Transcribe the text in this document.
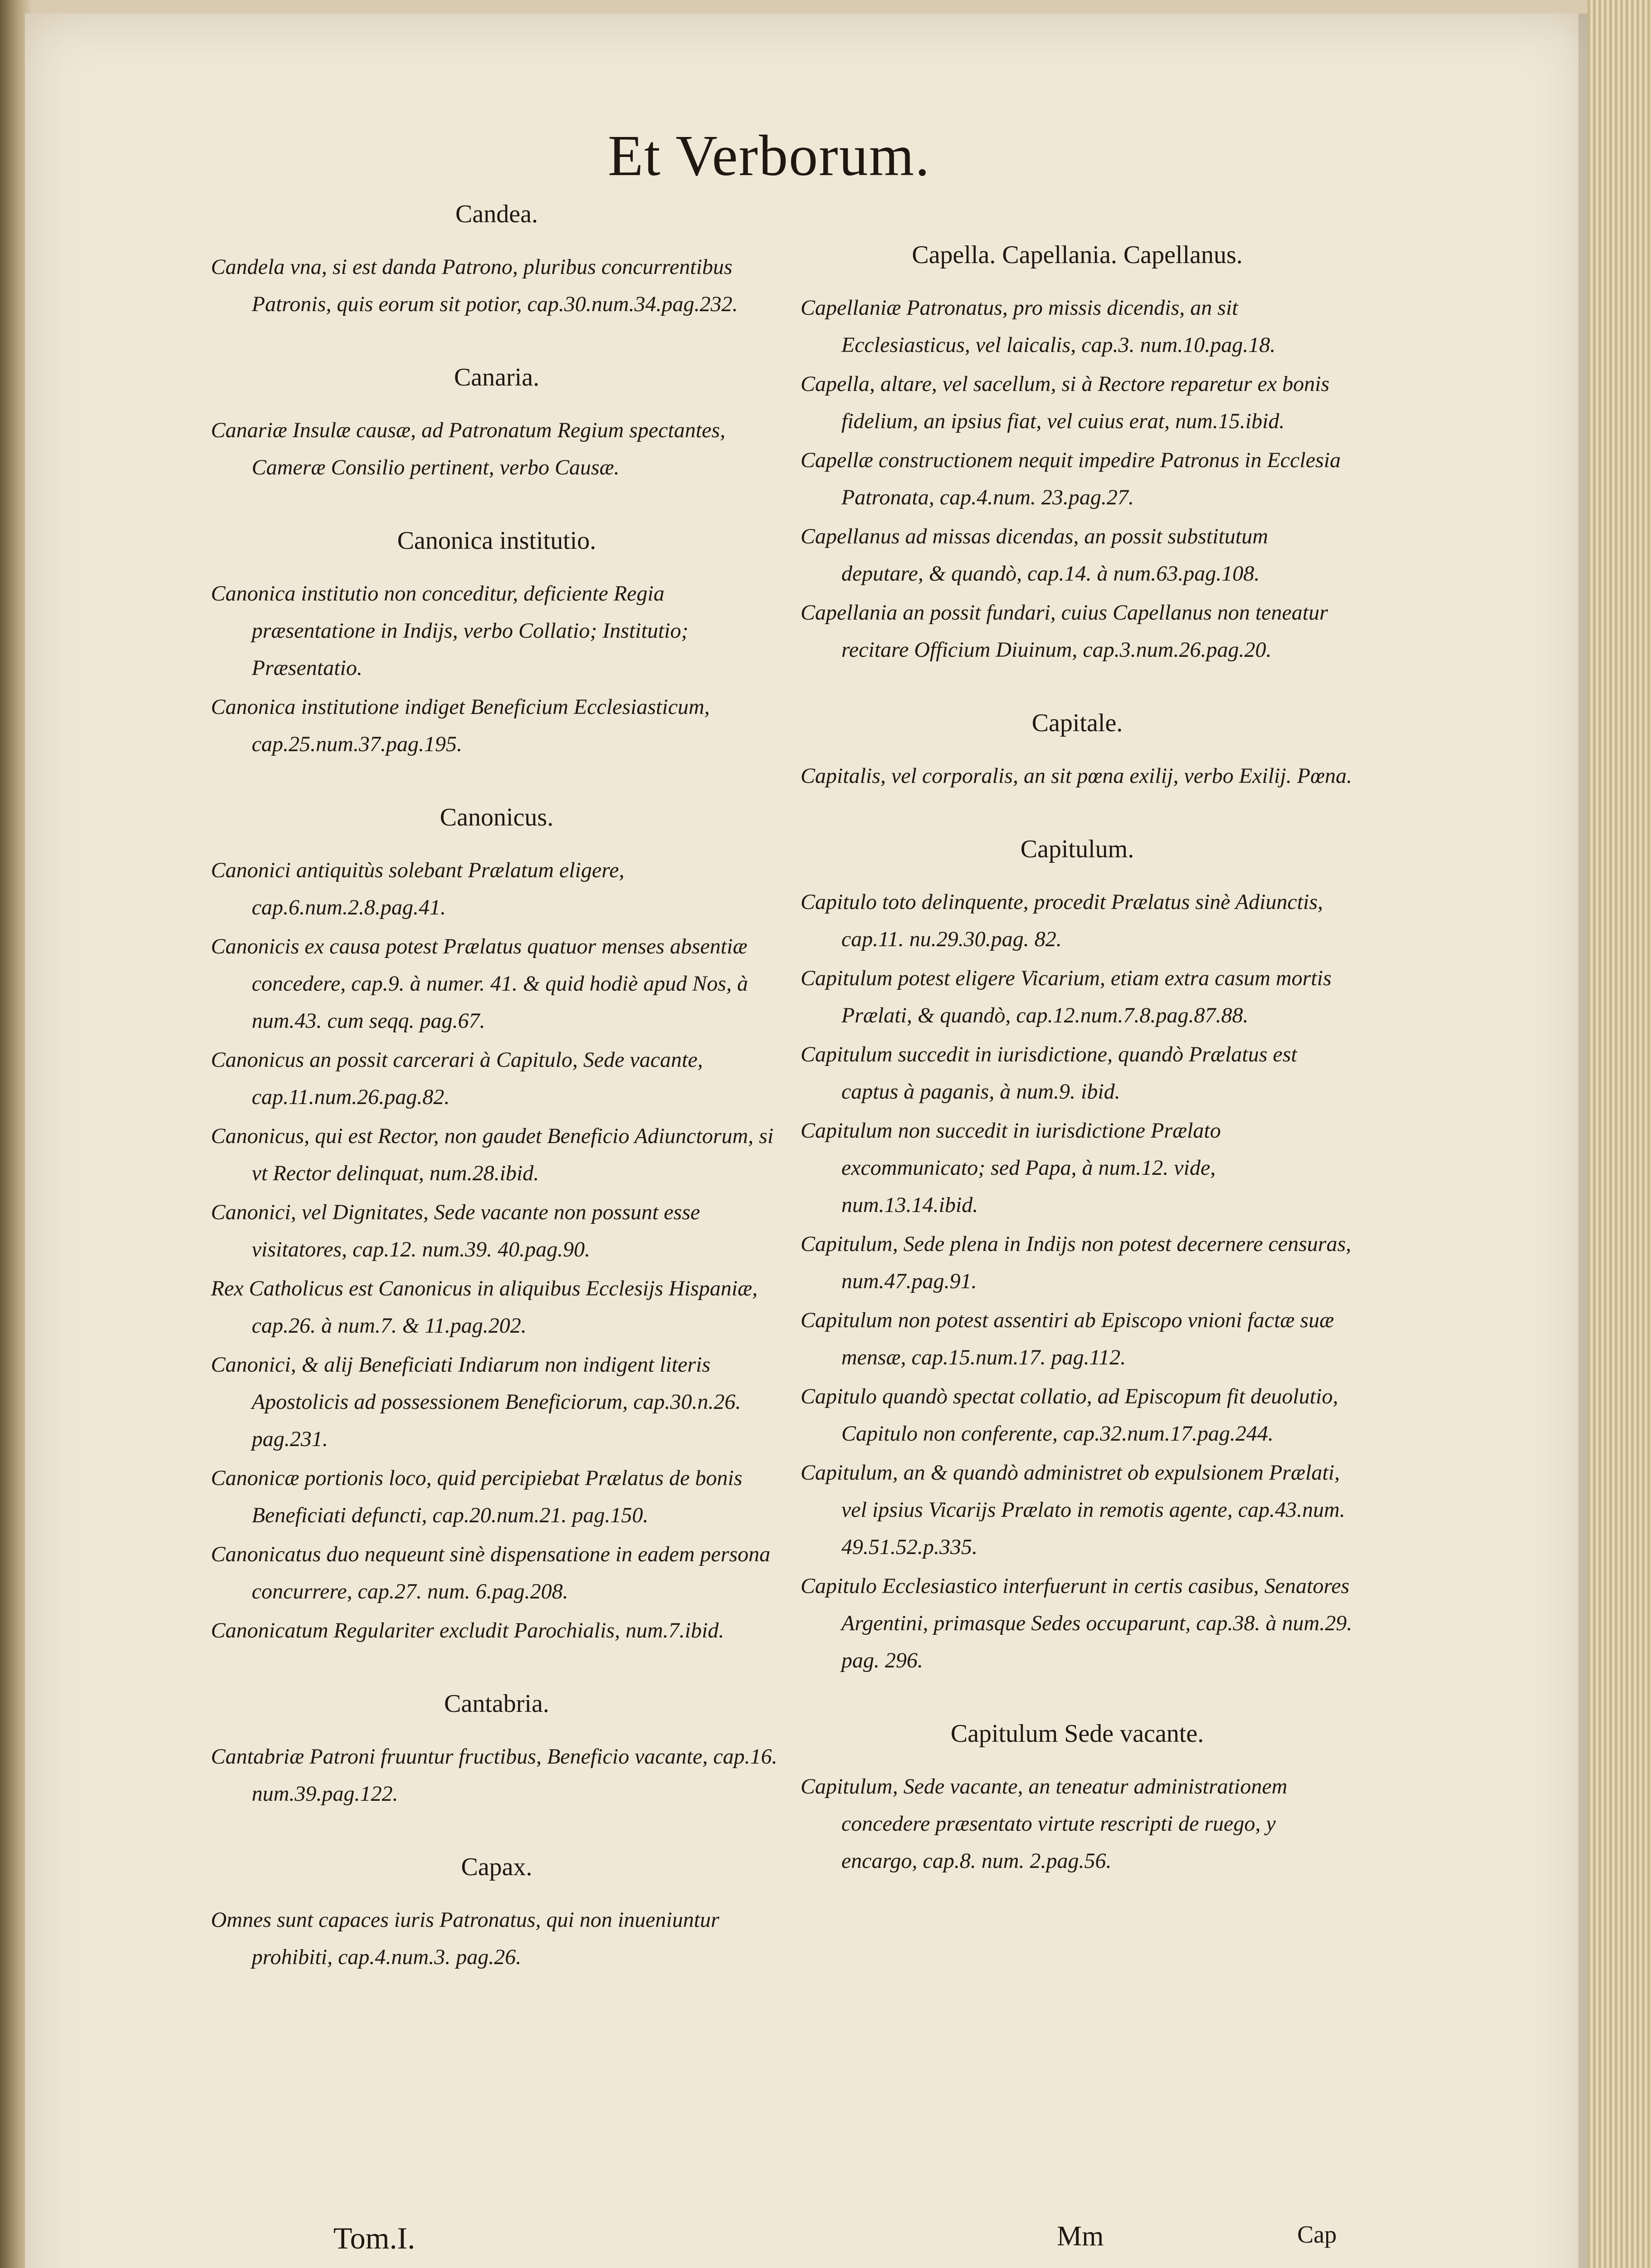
Et Verborum.
Candea.

Candela vna, si est danda Patrono, pluribus concurrentibus Patronis, quis eorum sit potior, cap.30.num.34.pag.232.

Canaria.

Canariæ Insulæ causæ, ad Patronatum Regium spectantes, Cameræ Consilio pertinent, verbo Causæ.

Canonica institutio.

Canonica institutio non conceditur, deficiente Regia præsentatione in Indijs, verbo Collatio; Institutio; Præsentatio.

Canonica institutione indiget Beneficium Ecclesiasticum, cap.25.num.37.pag.195.

Canonicus.

Canonici antiquitùs solebant Prælatum eligere, cap.6.num.2.8.pag.41.

Canonicis ex causa potest Prælatus quatuor menses absentiæ concedere, cap.9. à numer. 41. & quid hodiè apud Nos, à num.43. cum seqq. pag.67.

Canonicus an possit carcerari à Capitulo, Sede vacante, cap.11.num.26.pag.82.

Canonicus, qui est Rector, non gaudet Beneficio Adiunctorum, si vt Rector delinquat, num.28.ibid.

Canonici, vel Dignitates, Sede vacante non possunt esse visitatores, cap.12. num.39. 40.pag.90.

Rex Catholicus est Canonicus in aliquibus Ecclesijs Hispaniæ, cap.26. à num.7. & 11.pag.202.

Canonici, & alij Beneficiati Indiarum non indigent literis Apostolicis ad possessionem Beneficiorum, cap.30.n.26. pag.231.

Canonicæ portionis loco, quid percipiebat Prælatus de bonis Beneficiati defuncti, cap.20.num.21. pag.150.

Canonicatus duo nequeunt sinè dispensatione in eadem persona concurrere, cap.27. num. 6.pag.208.

Canonicatum Regulariter excludit Parochialis, num.7.ibid.

Cantabria.

Cantabriæ Patroni fruuntur fructibus, Beneficio vacante, cap.16. num.39.pag.122.

Capax.

Omnes sunt capaces iuris Patronatus, qui non inueniuntur prohibiti, cap.4.num.3. pag.26.

Capella. Capellania. Capellanus.

Capellaniæ Patronatus, pro missis dicendis, an sit Ecclesiasticus, vel laicalis, cap.3. num.10.pag.18.

Capella, altare, vel sacellum, si à Rectore reparetur ex bonis fidelium, an ipsius fiat, vel cuius erat, num.15.ibid.

Capellæ constructionem nequit impedire Patronus in Ecclesia Patronata, cap.4.num. 23.pag.27.

Capellanus ad missas dicendas, an possit substitutum deputare, & quandò, cap.14. à num.63.pag.108.

Capellania an possit fundari, cuius Capellanus non teneatur recitare Officium Diuinum, cap.3.num.26.pag.20.

Capitale.

Capitalis, vel corporalis, an sit pœna exilij, verbo Exilij. Pœna.

Capitulum.

Capitulo toto delinquente, procedit Prælatus sinè Adiunctis, cap.11. nu.29.30.pag. 82.

Capitulum potest eligere Vicarium, etiam extra casum mortis Prælati, & quandò, cap.12.num.7.8.pag.87.88.

Capitulum succedit in iurisdictione, quandò Prælatus est captus à paganis, à num.9. ibid.

Capitulum non succedit in iurisdictione Prælato excommunicato; sed Papa, à num.12. vide, num.13.14.ibid.

Capitulum, Sede plena in Indijs non potest decernere censuras, num.47.pag.91.

Capitulum non potest assentiri ab Episcopo vnioni factæ suæ mensæ, cap.15.num.17. pag.112.

Capitulo quandò spectat collatio, ad Episcopum fit deuolutio, Capitulo non conferente, cap.32.num.17.pag.244.

Capitulum, an & quandò administret ob expulsionem Prælati, vel ipsius Vicarijs Prælato in remotis agente, cap.43.num. 49.51.52.p.335.

Capitulo Ecclesiastico interfuerunt in certis casibus, Senatores Argentini, primasque Sedes occuparunt, cap.38. à num.29. pag. 296.

Capitulum Sede vacante.

Capitulum, Sede vacante, an teneatur administrationem concedere præsentato virtute rescripti de ruego, y encargo, cap.8. num. 2.pag.56.

Tom.I.	Mm	Cap
